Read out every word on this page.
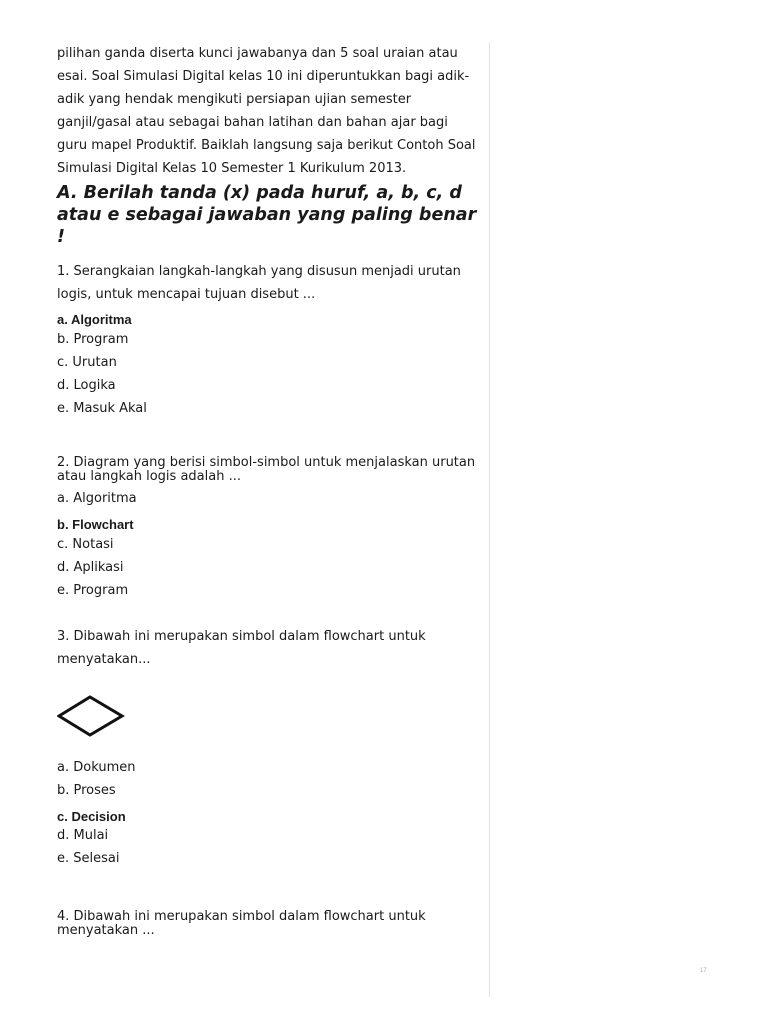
pilihan ganda diserta kunci jawabanya dan 5 soal uraian atau esai. Soal Simulasi Digital kelas 10 ini diperuntukkan bagi adik- adik yang hendak mengikuti persiapan ujian semester ganjil/gasal atau sebagai bahan latihan dan bahan ajar bagi guru mapel Produktif. Baiklah langsung saja berikut Contoh Soal Simulasi Digital Kelas 10 Semester 1 Kurikulum 2013.

A. Berilah tanda (x) pada huruf, a, b, c, d atau e sebagai jawaban yang paling benar !

1. Serangkaian langkah-langkah yang disusun menjadi urutan logis, untuk mencapai tujuan disebut ...

a. Algoritma
b. Program
c. Urutan
d. Logika
e. Masuk Akal

2. Diagram yang berisi simbol-simbol untuk menjalaskan urutan atau langkah logis adalah ...

a. Algoritma
b. Flowchart
c. Notasi
d. Aplikasi
e. Program

3. Dibawah ini merupakan simbol dalam flowchart untuk menyatakan...

a. Dokumen
b. Proses
c. Decision
d. Mulai
e. Selesai

4. Dibawah ini merupakan simbol dalam flowchart untuk menyatakan ...

17
